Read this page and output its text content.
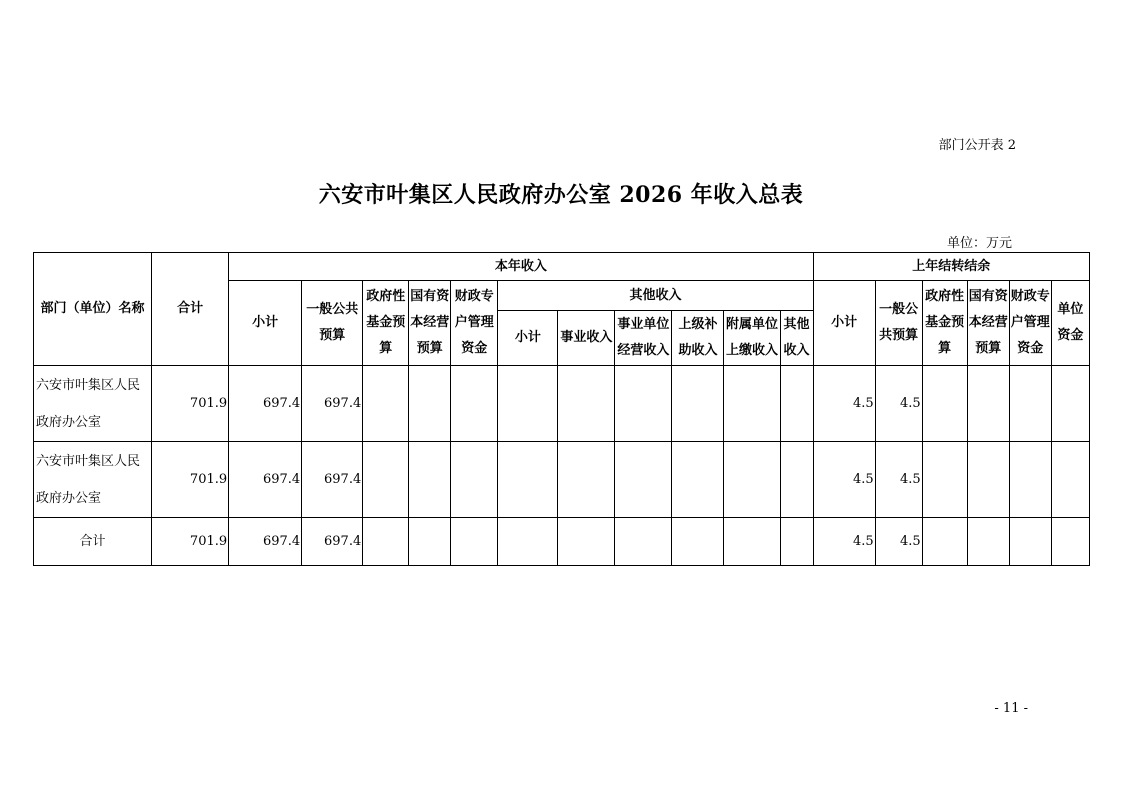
部门公开表 2
六安市叶集区人民政府办公室 2026 年收入总表
单位：万元
部门（单位）名称	合计	本年收入											上年结转结余					
		小计	一般公共预算	政府性基金预算	国有资本经营预算	财政专户管理资金	其他收入						小计	一般公共预算	政府性基金预算	国有资本经营预算	财政专户管理资金	单位资金
							小计	事业收入	事业单位经营收入	上级补助收入	附属单位上缴收入	其他收入						
六安市叶集区人民政府办公室	701.9	697.4	697.4										4.5	4.5				
六安市叶集区人民政府办公室	701.9	697.4	697.4										4.5	4.5				
合计	701.9	697.4	697.4										4.5	4.5				
- 11 -
